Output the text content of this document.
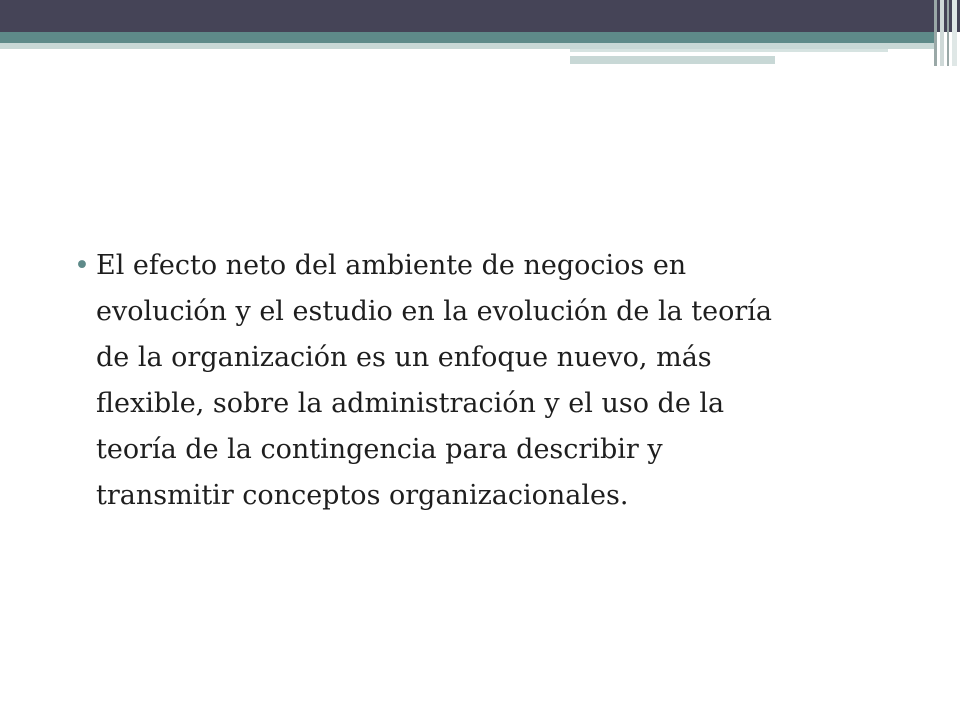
• El efecto neto del ambiente de negocios en
evolución y el estudio en la evolución de la teoría
de la organización es un enfoque nuevo, más
flexible, sobre la administración y el uso de la
teoría de la contingencia para describir y
transmitir conceptos organizacionales.
